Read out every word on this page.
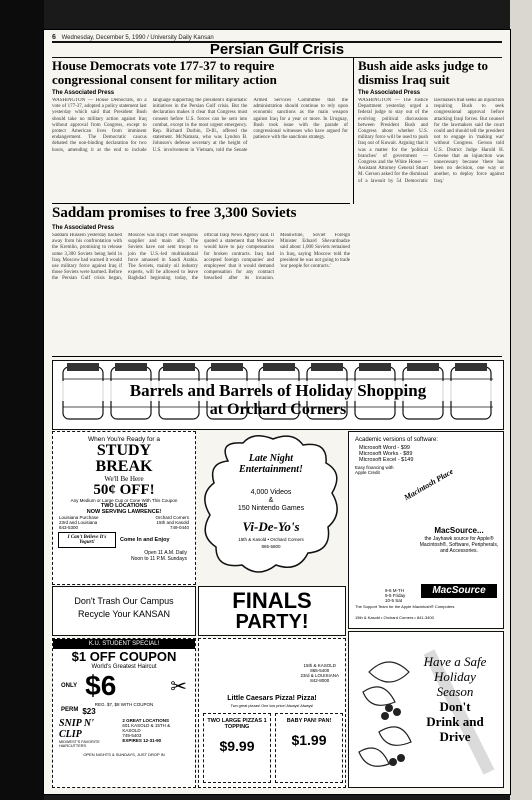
6 Wednesday, December 5, 1990 / University Daily Kansan
Persian Gulf Crisis
House Democrats vote 177-37 to require congressional consent for military action
The Associated Press
WASHINGTON — House Democrats, on a vote of 177-37, adopted a policy statement last yesterday which said that President Bush should take no military action against Iraq without approval from Congress, except to protect American lives from imminent endangerment. The Democratic caucus debated the non-binding declaration for two hours, amending it at the end to include language supporting the president's diplomatic initiatives in the Persian Gulf crisis. But the declaration makes it clear that Congress must consent before U.S. forces can be sent into combat, except in the most urgent emergency. Rep. Richard Durbin, D-Ill., offered the statement. McNamara, who was Lyndon B. Johnson's defense secretary at the height of U.S. involvement in Vietnam, told the Senate Armed Services Committee that the administration should continue to rely upon economic sanctions as the main weapon against Iraq for a year or more. In Uruguay, Bush took issue with the parade of congressional witnesses who have argued for patience with the sanctions strategy.
Bush aide asks judge to dismiss Iraq suit
The Associated Press
WASHINGTON — The Justice Department yesterday urged a federal judge to stay out of the evolving political discussions between President Bush and Congress about whether U.S. military force will be used to push Iraq out of Kuwait. Arguing that it was a matter for the 'political branches' of government — Congress and the White House — Assistant Attorney General Stuart M. Gerson asked for the dismissal of a lawsuit by 54 Democratic lawmakers that seeks an injunction requiring Bush to seek congressional approval before attacking Iraqi forces. But counsel for the lawmakers said the court could and should tell the president not to engage in 'making war' without Congress. Gerson told U.S. District Judge Harold H. Greene that an injunction was unnecessary because 'there has been no decision, one way or another, to deploy force against Iraq.'
Saddam promises to free 3,300 Soviets
The Associated Press
Saddam Hussein yesterday backed away from his confrontation with the Kremlin, promising to release some 3,300 Soviets being held in Iraq. Moscow had warned it would use military force against Iraq if those Soviets were harmed. Before the Persian Gulf crisis began, Moscow was Iraq's chief weapons supplier and main ally. The Soviets have not sent troops to join the U.S.-led multinational force amassed in Saudi Arabia. The Soviets, mainly oil industry experts, will be allowed to leave Baghdad beginning today, the official Iraqi News Agency said. It quoted a statement that Moscow would have to pay compensation for broken contracts. Iraq had accepted foreign companies' and employees' that it would demand compensation for any contract breached after its invasion. Meanwhile, Soviet Foreign Minister Eduard Shevardnadze said about 1,000 Soviets remained in Iraq, saying Moscow told the president he was not going to trade 'our people for contracts.'
Barrels and Barrels of Holiday Shopping
at Orchard Corners
When You're Ready for a
STUDY
BREAK
We'll Be Here
50¢ OFF!
Any Medium or Large Cup or Cone With This Coupon
TWO LOCATIONS
NOW SERVING LAWRENCE!
Louisiana Purchase
23rd and Louisiana
843-5300
Orchard Corners
15th and Kasold
749-0440
I Can't Believe It's Yogurt!	Come In and Enjoy
Open 11 A.M. Daily
Noon to 11 P.M. Sundays
Late Night Entertainment!
4,000 Videos
&
150 Nintendo Games
Vi-De-Yo's
15th & Kasold • Orchard Corners
865-5800
Academic versions of software:
Microsoft Word - $99
Microsoft Works - $89
Microsoft Excel - $149
Easy financing with Apple Credit	Macintosh Place
MacSource...
the Jayhawk source for Apple® Macintosh®, Software, Peripherals, and Accessories.
MacSource
9-6 M-TH
9-5 Friday
10-5 Sat
The Support Team for the Apple Macintosh® Computers
15th & Kasold • Orchard Corners • 841-3400
Don't Trash Our Campus
Recycle Your KANSAN
FINALS
PARTY!
K.U. STUDENT SPECIAL!
$1 OFF COUPON
World's Greatest Haircut
ONLY $6	✂
REG. $7, $8 WITH COUPON
PERM $23
SNIP N' CLIP
MIDWEST'S FAVORITE HAIRCUTTERS
2 GREAT LOCATIONS
601 KASOLD & 15TH & KASOLD
749-5403
EXPIRES 12-31-90
OPEN NIGHTS & SUNDAYS, JUST DROP IN
15th & KASOLD
865-5400
23rd & LOUISIANA
842-8000
Little Caesars Pizza! Pizza!
Two great pizzas! One low price! Always! Always!
TWO LARGE PIZZAS 1 TOPPING
$9.99
BABY PAN! PAN!
$1.99
Have a Safe
Holiday
Season
Don't
Drink and
Drive
